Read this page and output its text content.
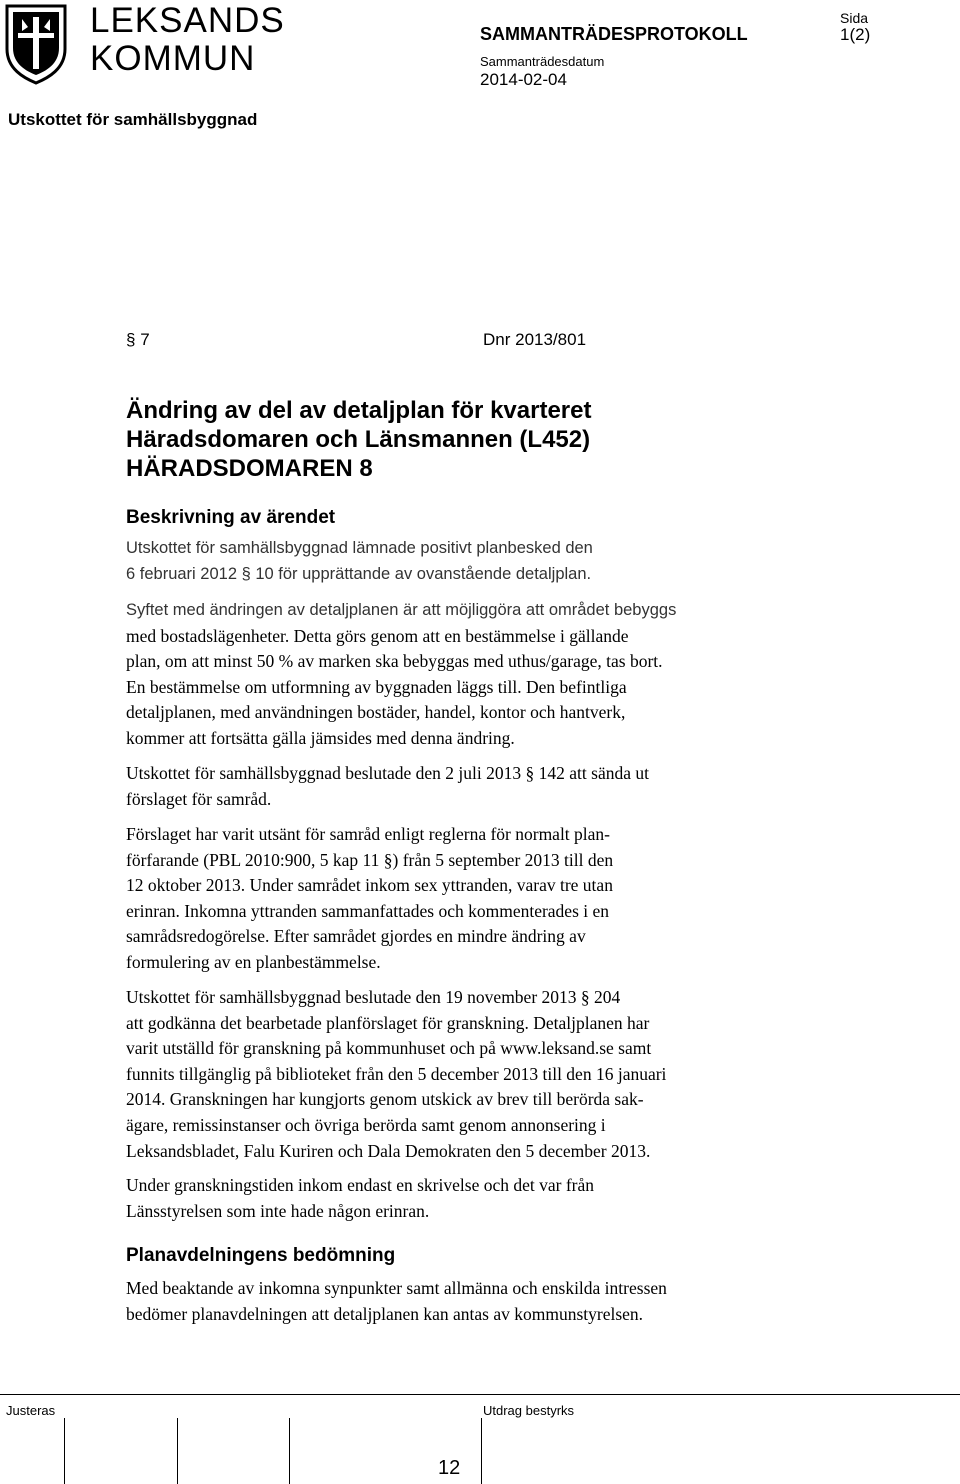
LEKSANDS
KOMMUN
SAMMANTRÄDESPROTOKOLL
Sida
1(2)
Sammanträdesdatum
2014-02-04
Utskottet för samhällsbyggnad
§ 7	Dnr 2013/801
Ändring av del av detaljplan för kvarteret
Häradsdomaren och Länsmannen (L452)
HÄRADSDOMAREN 8
Beskrivning av ärendet
Utskottet för samhällsbyggnad lämnade positivt planbesked den
6 februari 2012 § 10 för upprättande av ovanstående detaljplan.
Syftet med ändringen av detaljplanen är att möjliggöra att området bebyggs
med bostadslägenheter. Detta görs genom att en bestämmelse i gällande
plan, om att minst 50 % av marken ska bebyggas med uthus/garage, tas bort.
En bestämmelse om utformning av byggnaden läggs till. Den befintliga
detaljplanen, med användningen bostäder, handel, kontor och hantverk,
kommer att fortsätta gälla jämsides med denna ändring.
Utskottet för samhällsbyggnad beslutade den 2 juli 2013 § 142 att sända ut
förslaget för samråd.
Förslaget har varit utsänt för samråd enligt reglerna för normalt plan-
förfarande (PBL 2010:900, 5 kap 11 §) från 5 september 2013 till den
12 oktober 2013. Under samrådet inkom sex yttranden, varav tre utan
erinran. Inkomna yttranden sammanfattades och kommenterades i en
samrådsredogörelse. Efter samrådet gjordes en mindre ändring av
formulering av en planbestämmelse.
Utskottet för samhällsbyggnad beslutade den 19 november 2013 § 204
att godkänna det bearbetade planförslaget för granskning. Detaljplanen har
varit utställd för granskning på kommunhuset och på www.leksand.se samt
funnits tillgänglig på biblioteket från den 5 december 2013 till den 16 januari
2014. Granskningen har kungjorts genom utskick av brev till berörda sak-
ägare, remissinstanser och övriga berörda samt genom annonsering i
Leksandsbladet, Falu Kuriren och Dala Demokraten den 5 december 2013.
Under granskningstiden inkom endast en skrivelse och det var från
Länsstyrelsen som inte hade någon erinran.
Planavdelningens bedömning
Med beaktande av inkomna synpunkter samt allmänna och enskilda intressen
bedömer planavdelningen att detaljplanen kan antas av kommunstyrelsen.
Justeras	Utdrag bestyrks
12
